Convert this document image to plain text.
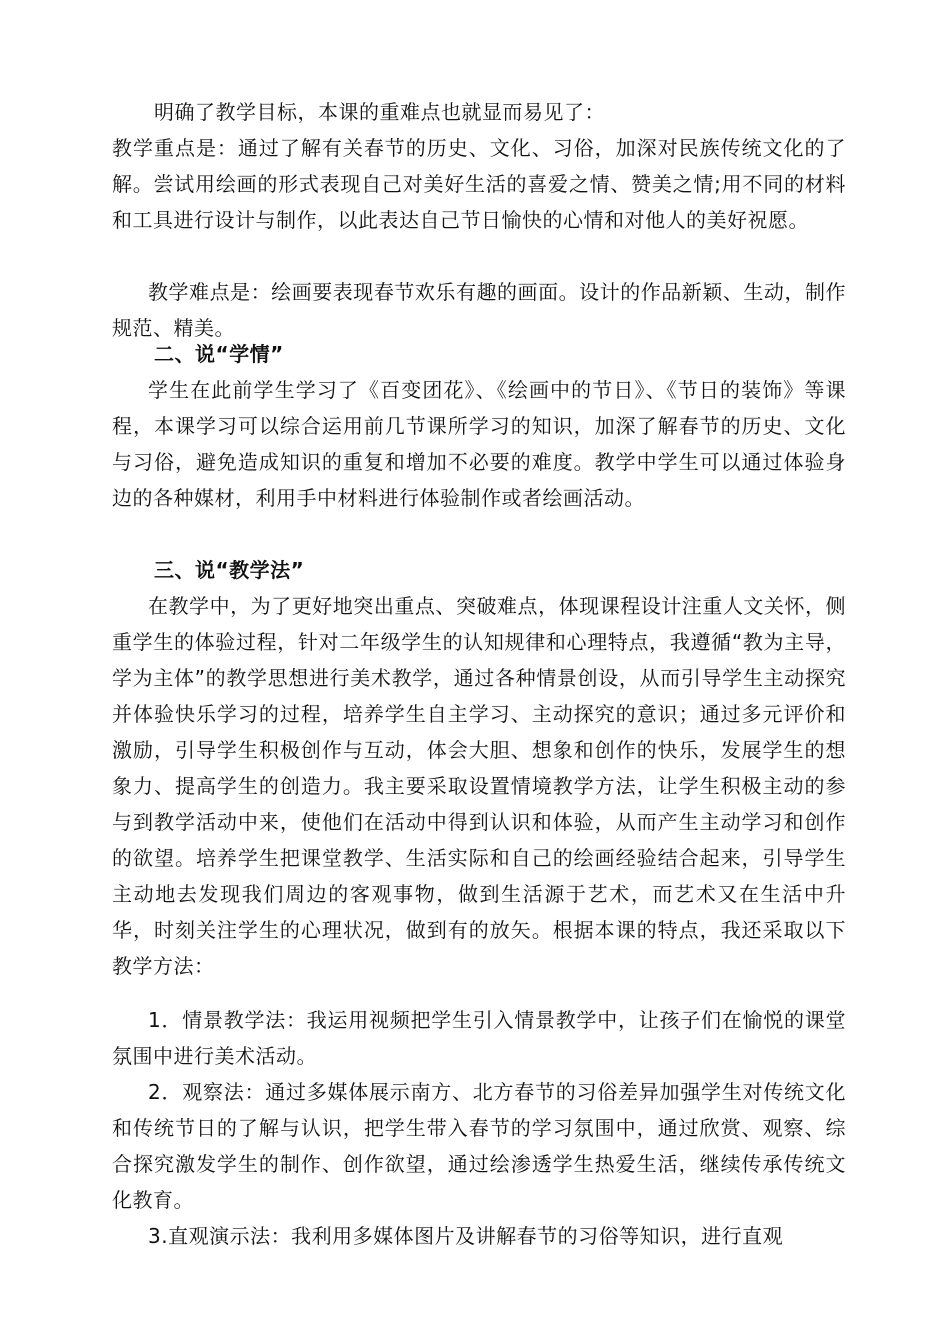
明确了教学目标，本课的重难点也就显而易见了：

教学重点是：通过了解有关春节的历史、文化、习俗，加深对民族传统文化的了解。尝试用绘画的形式表现自己对美好生活的喜爱之情、赞美之情;用不同的材料和工具进行设计与制作，以此表达自己节日愉快的心情和对他人的美好祝愿。

教学难点是：绘画要表现春节欢乐有趣的画面。设计的作品新颖、生动，制作规范、精美。

二、说“学情”

学生在此前学生学习了《百变团花》、《绘画中的节日》、《节日的装饰》等课程，本课学习可以综合运用前几节课所学习的知识，加深了解春节的历史、文化与习俗，避免造成知识的重复和增加不必要的难度。教学中学生可以通过体验身边的各种媒材，利用手中材料进行体验制作或者绘画活动。

三、说“教学法”

在教学中，为了更好地突出重点、突破难点，体现课程设计注重人文关怀，侧重学生的体验过程，针对二年级学生的认知规律和心理特点，我遵循“教为主导，学为主体”的教学思想进行美术教学，通过各种情景创设，从而引导学生主动探究并体验快乐学习的过程，培养学生自主学习、主动探究的意识；通过多元评价和激励，引导学生积极创作与互动，体会大胆、想象和创作的快乐，发展学生的想象力、提高学生的创造力。我主要采取设置情境教学方法，让学生积极主动的参与到教学活动中来，使他们在活动中得到认识和体验，从而产生主动学习和创作的欲望。培养学生把课堂教学、生活实际和自己的绘画经验结合起来，引导学生主动地去发现我们周边的客观事物，做到生活源于艺术，而艺术又在生活中升华，时刻关注学生的心理状况，做到有的放矢。根据本课的特点，我还采取以下教学方法：

1．情景教学法：我运用视频把学生引入情景教学中，让孩子们在愉悦的课堂氛围中进行美术活动。

2．观察法：通过多媒体展示南方、北方春节的习俗差异加强学生对传统文化和传统节日的了解与认识，把学生带入春节的学习氛围中，通过欣赏、观察、综合探究激发学生的制作、创作欲望，通过绘渗透学生热爱生活，继续传承传统文化教育。

3.直观演示法：我利用多媒体图片及讲解春节的习俗等知识，进行直观
